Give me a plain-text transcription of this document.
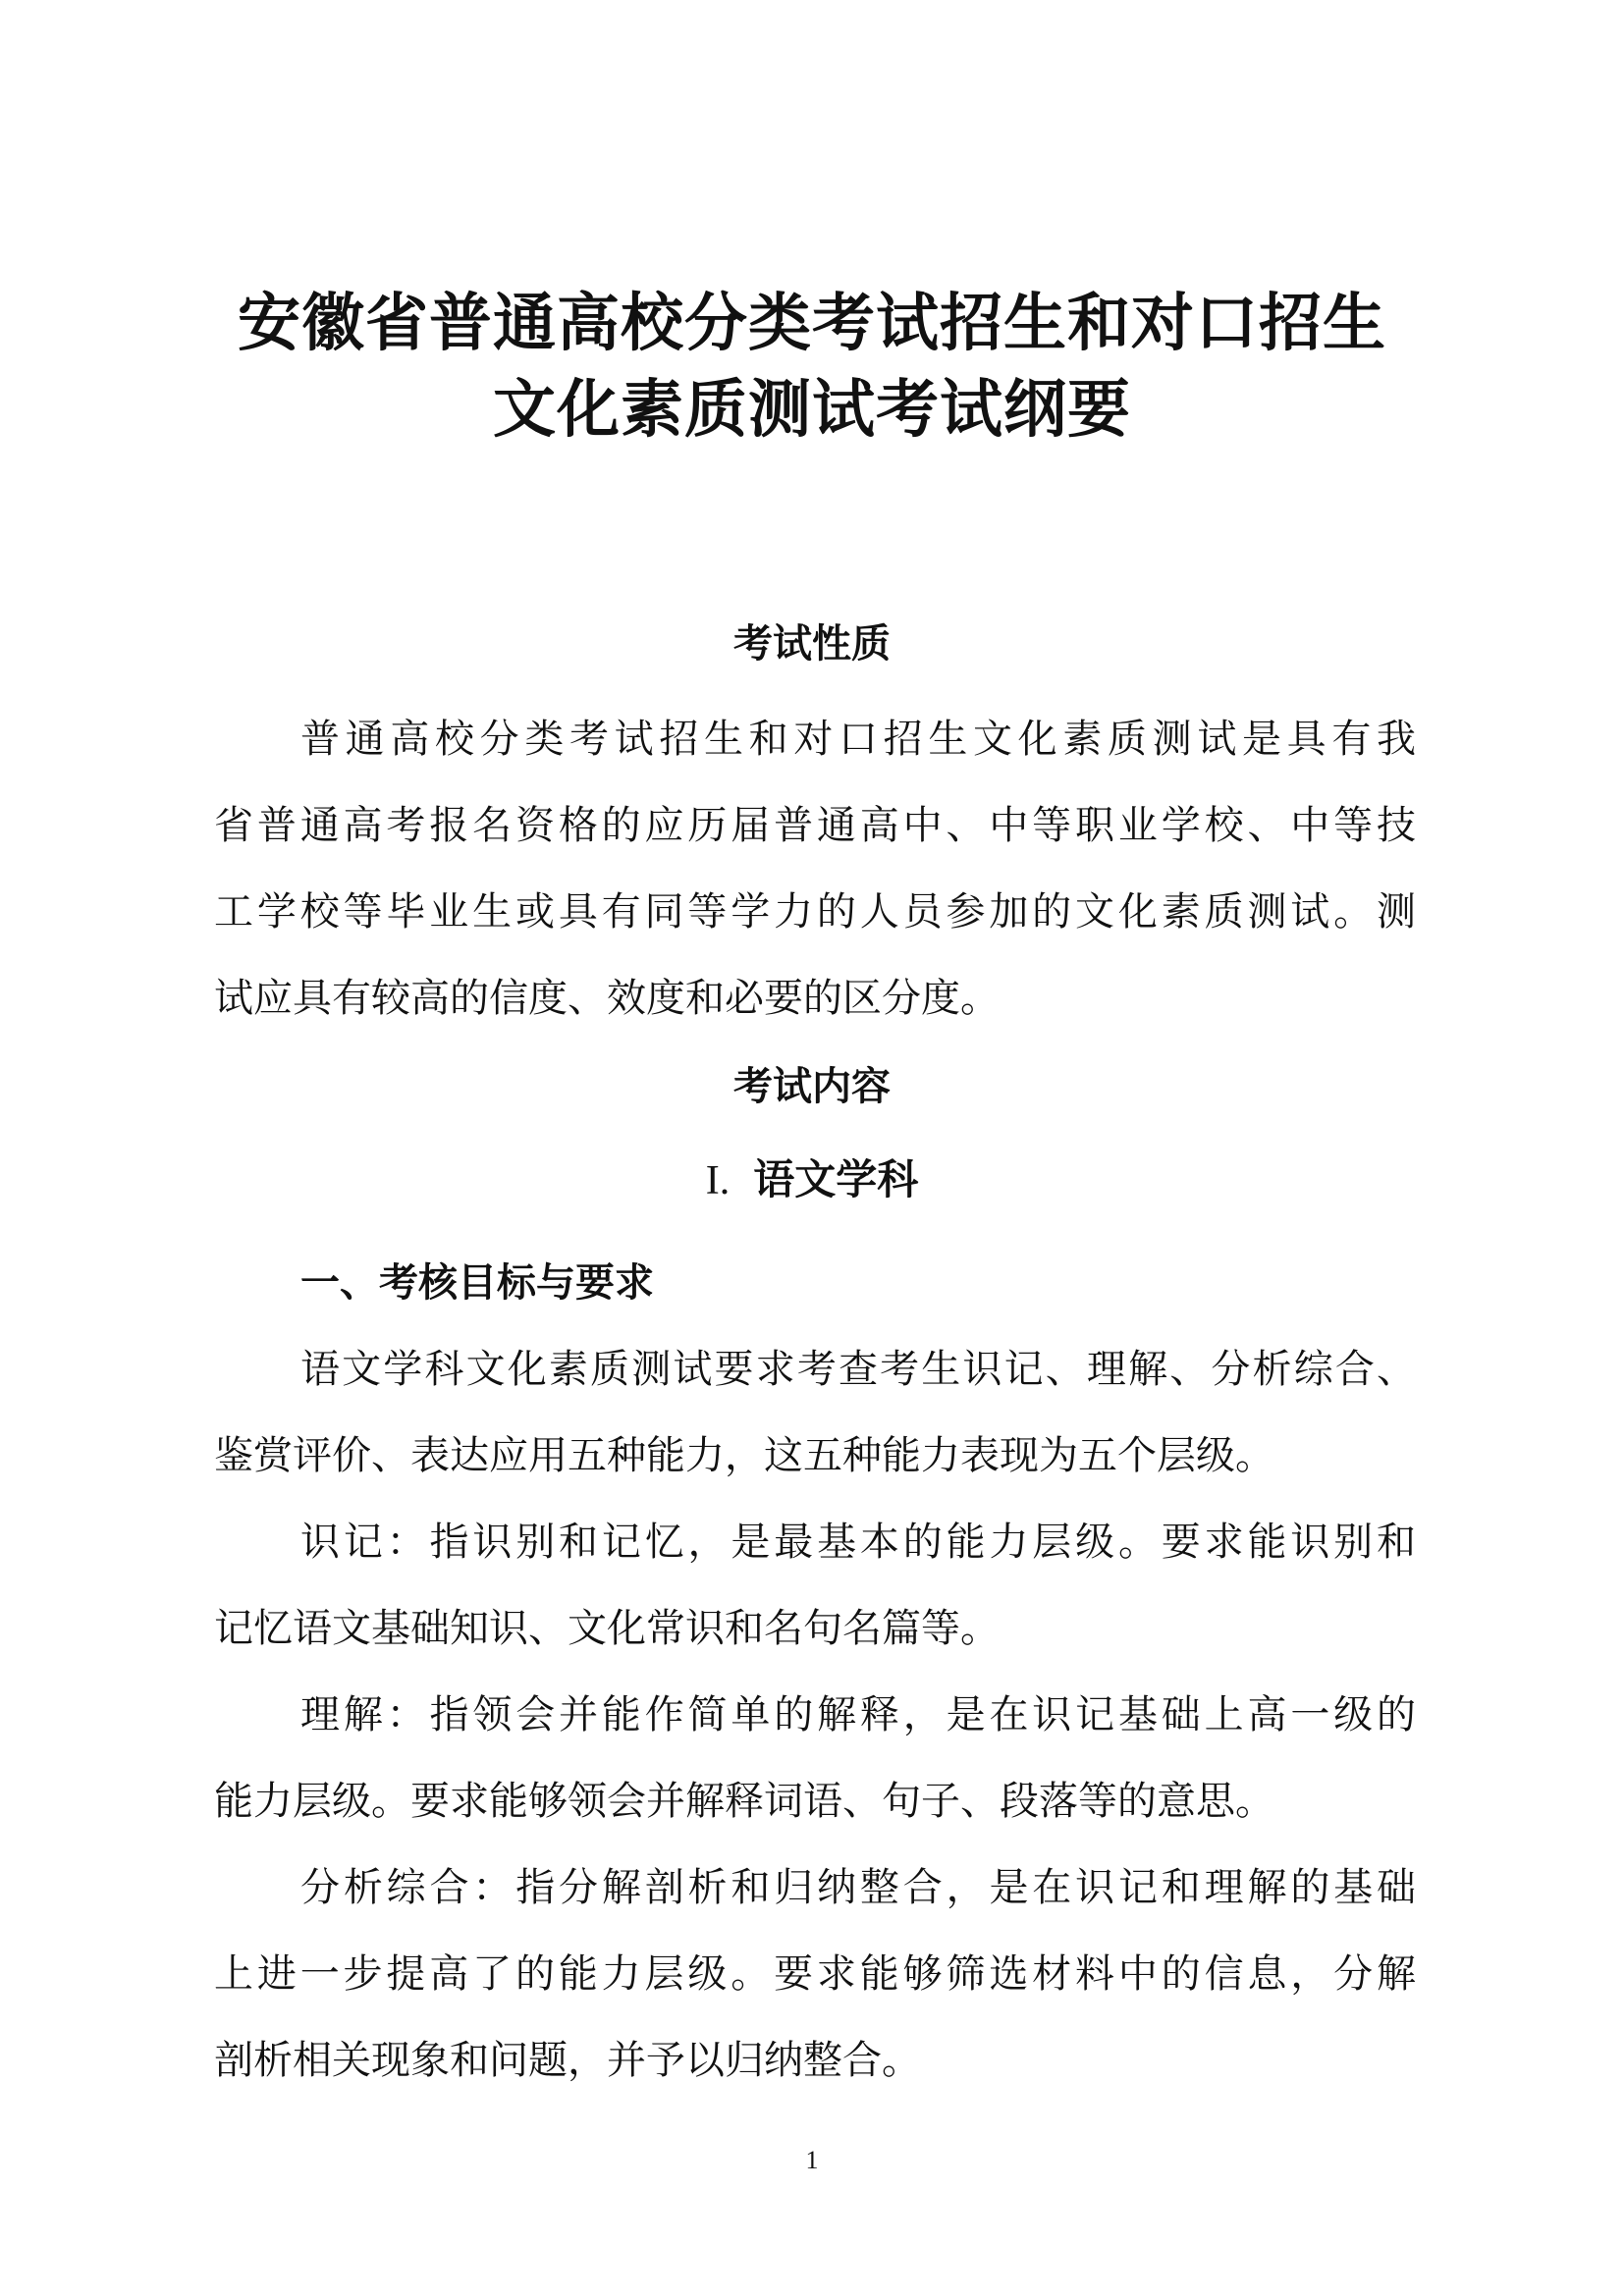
安徽省普通高校分类考试招生和对口招生
文化素质测试考试纲要
考试性质
普通高校分类考试招生和对口招生文化素质测试是具有我
省普通高考报名资格的应历届普通高中、中等职业学校、中等技
工学校等毕业生或具有同等学力的人员参加的文化素质测试。测
试应具有较高的信度、效度和必要的区分度。
考试内容
I. 语文学科
一、考核目标与要求
语文学科文化素质测试要求考查考生识记、理解、分析综合、
鉴赏评价、表达应用五种能力，这五种能力表现为五个层级。
识记：指识别和记忆，是最基本的能力层级。要求能识别和
记忆语文基础知识、文化常识和名句名篇等。
理解：指领会并能作简单的解释，是在识记基础上高一级的
能力层级。要求能够领会并解释词语、句子、段落等的意思。
分析综合：指分解剖析和归纳整合，是在识记和理解的基础
上进一步提高了的能力层级。要求能够筛选材料中的信息，分解
剖析相关现象和问题，并予以归纳整合。
1
